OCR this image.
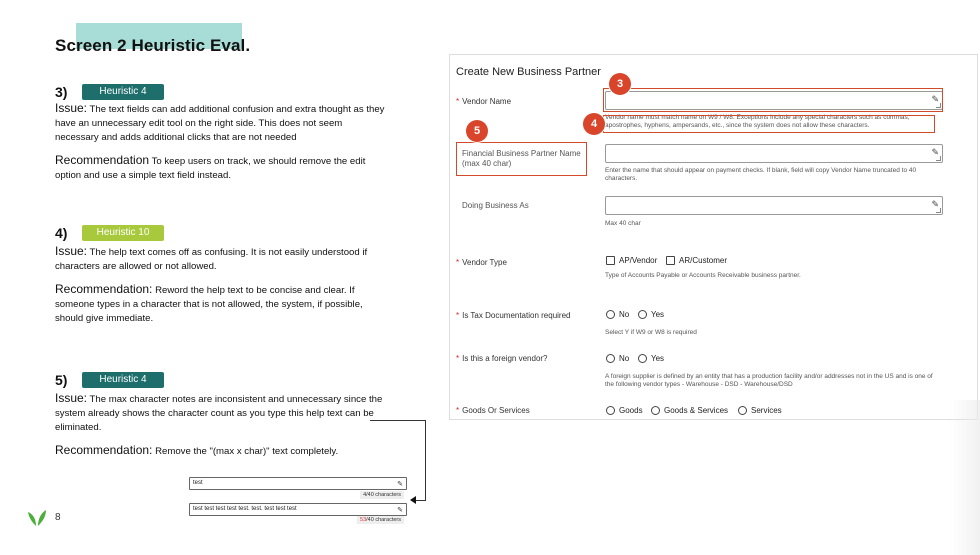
Screen 2 Heuristic Eval.
3)	Heuristic 4
Issue: The text fields can add additional confusion and extra thought as they have an unnecessary edit tool on the right side. This does not seem necessary and adds additional clicks that are not needed
Recommendation To keep users on track, we should remove the edit option and use a simple text field instead.
4)	Heuristic 10
Issue: The help text comes off as confusing. It is not easily understood if characters are allowed or not allowed.
Recommendation: Reword the help text to be concise and clear. If someone types in a character that is not allowed, the system, if possible, should give immediate.
5)	Heuristic 4
Issue: The max character notes are inconsistent and unnecessary since the system already shows the character count as you type this help text can be eliminated.
Recommendation: Remove the "(max x char)" text completely.
test	✎
4/40 characters
test test test test test. test. test test test	✎
53/40 characters
8
Create New Business Partner
* Vendor Name	✎
Vendor name must match name on W9 / W8. Exceptions include any special characters such as commas, apostrophes, hyphens, ampersands, etc., since the system does not allow these characters.
Financial Business Partner Name (max 40 char)
✎
Enter the name that should appear on payment checks. If blank, field will copy Vendor Name truncated to 40 characters.
Doing Business As	✎
Max 40 char
* Vendor Type	AP/Vendor	AR/Customer
Type of Accounts Payable or Accounts Receivable business partner.
* Is Tax Documentation required	No	Yes
Select Y if W9 or W8 is required
* Is this a foreign vendor?	No	Yes
A foreign supplier is defined by an entity that has a production facility and/or addresses not in the US and is one of the following vendor types - Warehouse - DSD - Warehouse/DSD
* Goods Or Services	Goods	Goods & Services	Services
3
4
5
